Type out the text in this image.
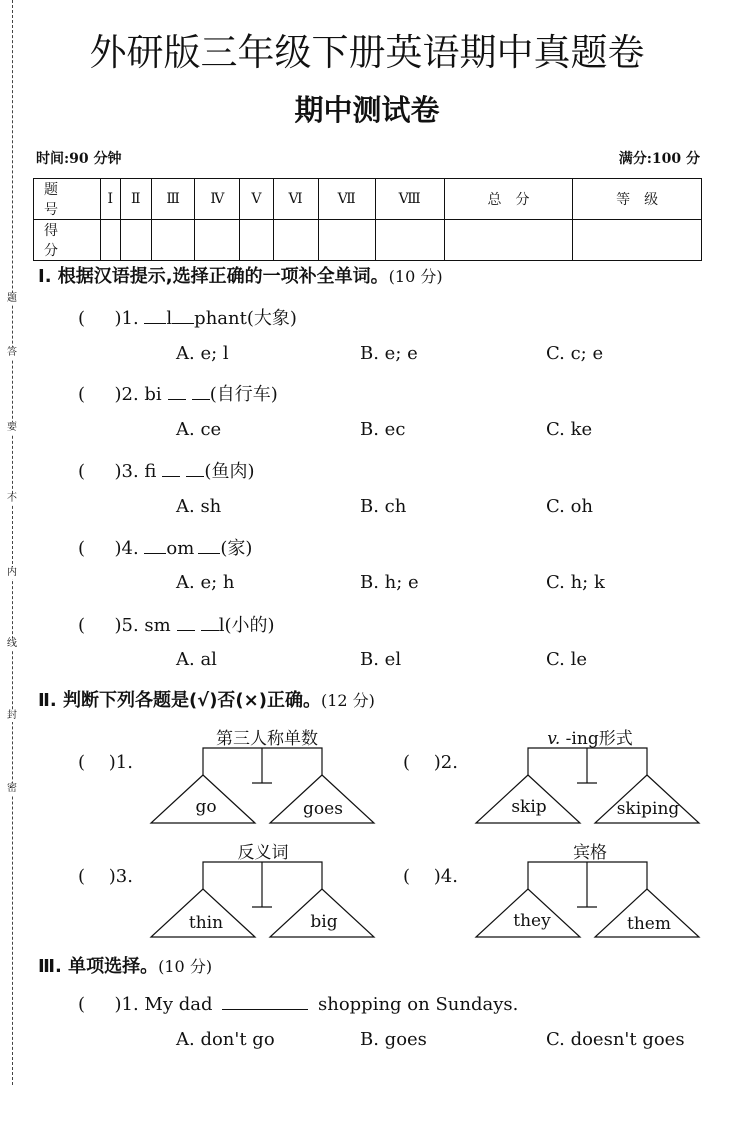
题
答
要
不
内
线
封
密
外研版三年级下册英语期中真题卷
期中测试卷
时间:90 分钟	满分:100 分
题　号	Ⅰ	Ⅱ	Ⅲ	Ⅳ	Ⅴ	Ⅵ	Ⅶ	Ⅷ	总　分	等　级
得　分										
Ⅰ. 根据汉语提示,选择正确的一项补全单词。(10 分)
( 　 )1. l phant(大象)
A. e; l	B. e; e	C. c; e
( 　 )2. bi	(自行车)
A. ce	B. ec	C. ke
( 　 )3. fi	(鱼肉)
A. sh	B. ch	C. oh
( 　 )4. om (家)
A. e; h	B. h; e	C. h; k
( 　 )5. sm	l(小的)
A. al	B. el	C. le
Ⅱ. 判断下列各题是(√)否(×)正确。(12 分)
(　 )1.
第三人称单数
go	goes
(　 )2.
v. -ing形式
skip	skiping
(　 )3.
反义词
thin	big
(　 )4.
宾格
they	them
Ⅲ. 单项选择。(10 分)
( 　 )1. My dad	shopping on Sundays.
A. don't go	B. goes	C. doesn't goes
